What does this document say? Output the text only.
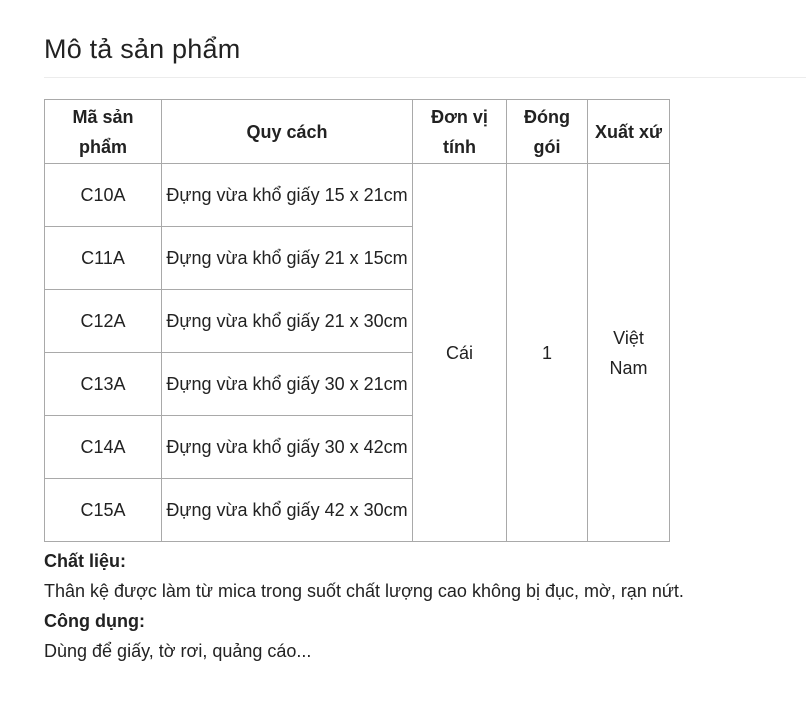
Mô tả sản phẩm
Mã sản phẩm	Quy cách	Đơn vị tính	Đóng gói	Xuất xứ
C10A	Đựng vừa khổ giấy 15 x 21cm	Cái	1	Việt Nam
C11A	Đựng vừa khổ giấy 21 x 15cm			
C12A	Đựng vừa khổ giấy 21 x 30cm			
C13A	Đựng vừa khổ giấy 30 x 21cm			
C14A	Đựng vừa khổ giấy 30 x 42cm			
C15A	Đựng vừa khổ giấy 42 x 30cm			

Chất liệu:

Thân kệ được làm từ mica trong suốt chất lượng cao không bị đục, mờ, rạn nứt.

Công dụng:

Dùng để giấy, tờ rơi, quảng cáo...
